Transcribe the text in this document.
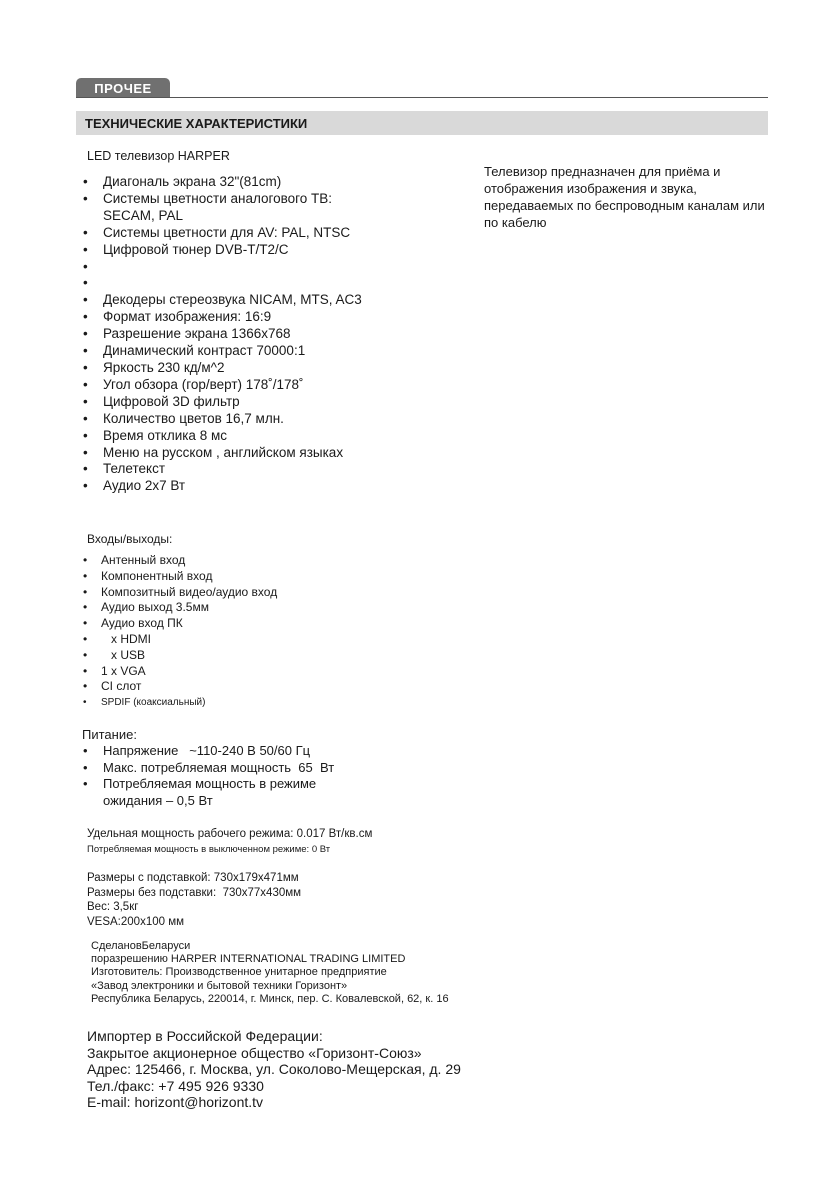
ПРОЧЕЕ
ТЕХНИЧЕСКИЕ ХАРАКТЕРИСТИКИ
LED телевизор HARPER
Телевизор предназначен для приёма и отображения изображения и звука, передаваемых по беспроводным каналам или по кабелю
• Диагональ экрана 32"(81cm)
• Системы цветности аналогового ТВ: SECAM, PAL
• Системы цветности для AV: PAL, NTSC
• Цифровой тюнер DVB-T/T2/C
•
•
• Декодеры стереозвука NICAM, MTS, AC3
• Формат изображения: 16:9
• Разрешение экрана 1366x768
• Динамический контраст 70000:1
• Яркость 230 кд/м^2
• Угол обзора (гор/верт) 178˚/178˚
• Цифровой 3D фильтр
• Количество цветов 16,7 млн.
• Время отклика 8 мс
• Меню на русском , английском языках
• Телетекст
• Аудио 2x7 Вт
Входы/выходы:
• Антенный вход
• Компонентный вход
• Композитный видео/аудио вход
• Аудио выход 3.5мм
• Аудио вход ПК
•    x HDMI
•    x USB
• 1 x VGA
• CI слот
• SPDIF (коаксиальный)
Питание:
• Напряжение   ~110-240 В 50/60 Гц
• Макс. потребляемая мощность  65  Вт
• Потребляемая мощность в режиме ожидания – 0,5 Вт
Удельная мощность рабочего режима: 0.017 Вт/кв.см
Потребляемая мощность в выключенном режиме: 0 Вт
Размеры с подставкой: 730x179x471мм
Размеры без подставки:  730x77x430мм
Вес: 3,5кг
VESA:200x100 мм
СделановБеларуси
поразрешению HARPER INTERNATIONAL TRADING LIMITED
Изготовитель: Производственное унитарное предприятие
«Завод электроники и бытовой техники Горизонт»
Республика Беларусь, 220014, г. Минск, пер. С. Ковалевской, 62, к. 16
Импортер в Российской Федерации:
Закрытое акционерное общество «Горизонт-Союз»
Адрес: 125466, г. Москва, ул. Соколово-Мещерская, д. 29
Тел./факс: +7 495 926 9330
E-mail: horizont@horizont.tv
